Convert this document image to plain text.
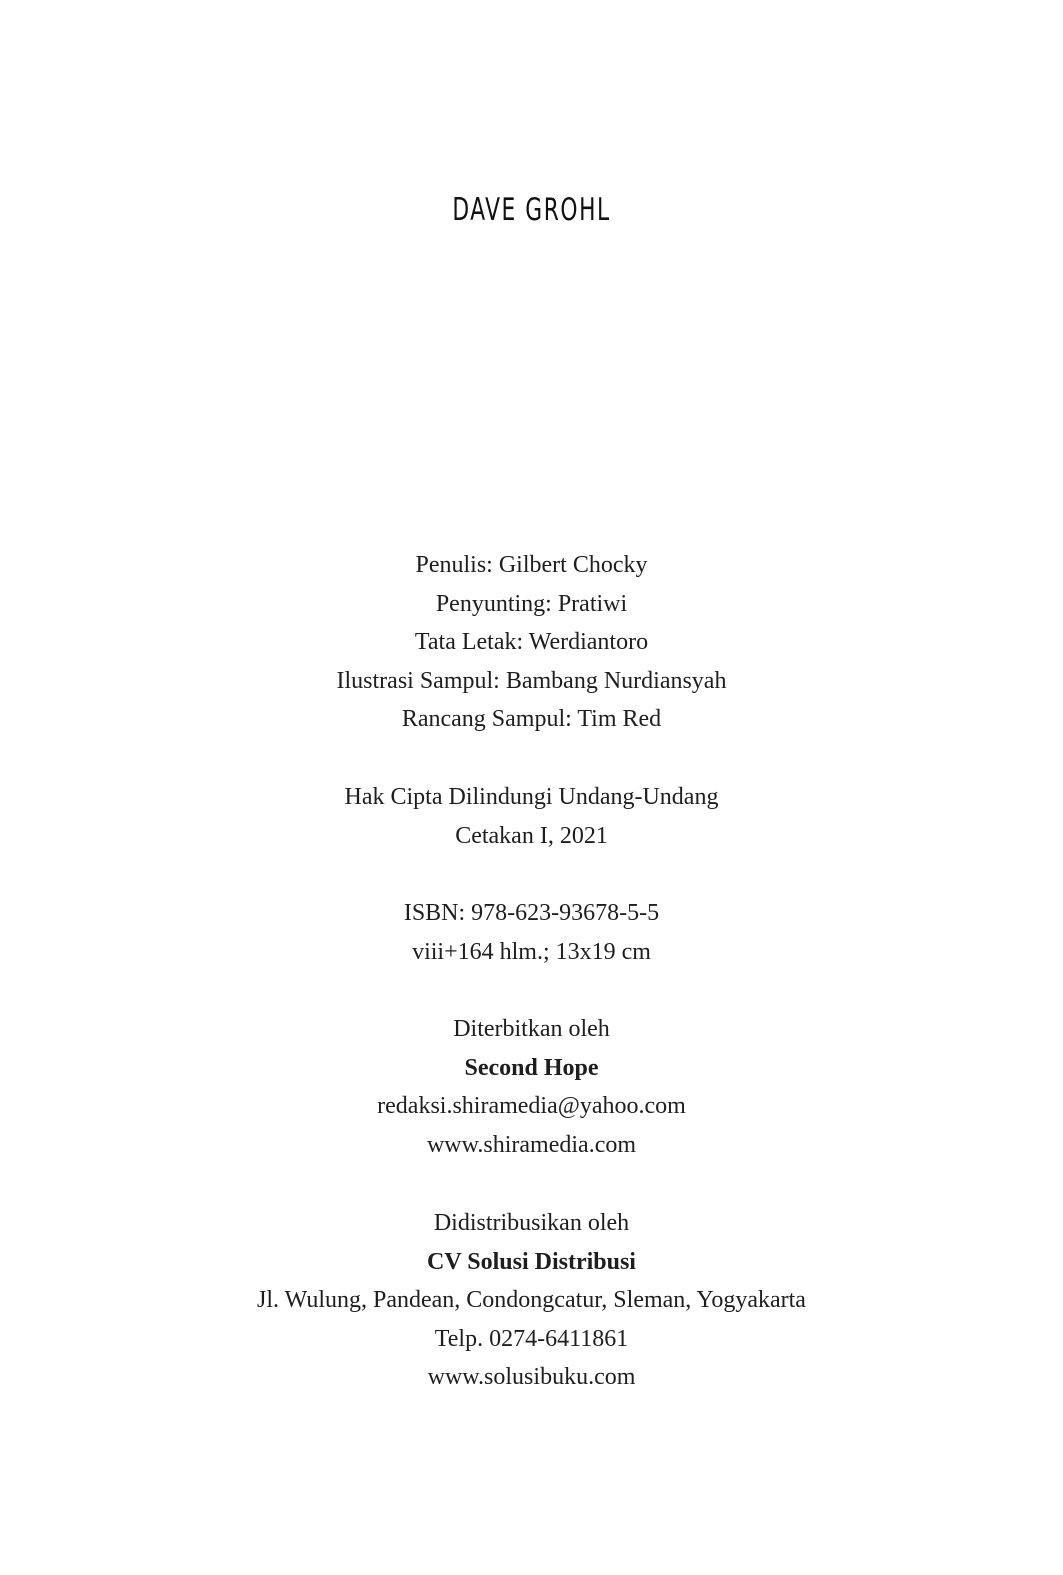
DAVE GROHL
Penulis: Gilbert Chocky
Penyunting: Pratiwi
Tata Letak: Werdiantoro
Ilustrasi Sampul: Bambang Nurdiansyah
Rancang Sampul: Tim Red
Hak Cipta Dilindungi Undang-Undang
Cetakan I, 2021
ISBN: 978-623-93678-5-5
viii+164 hlm.; 13x19 cm
Diterbitkan oleh
Second Hope
redaksi.shiramedia@yahoo.com
www.shiramedia.com
Didistribusikan oleh
CV Solusi Distribusi
Jl. Wulung, Pandean, Condongcatur, Sleman, Yogyakarta
Telp. 0274-6411861
www.solusibuku.com
